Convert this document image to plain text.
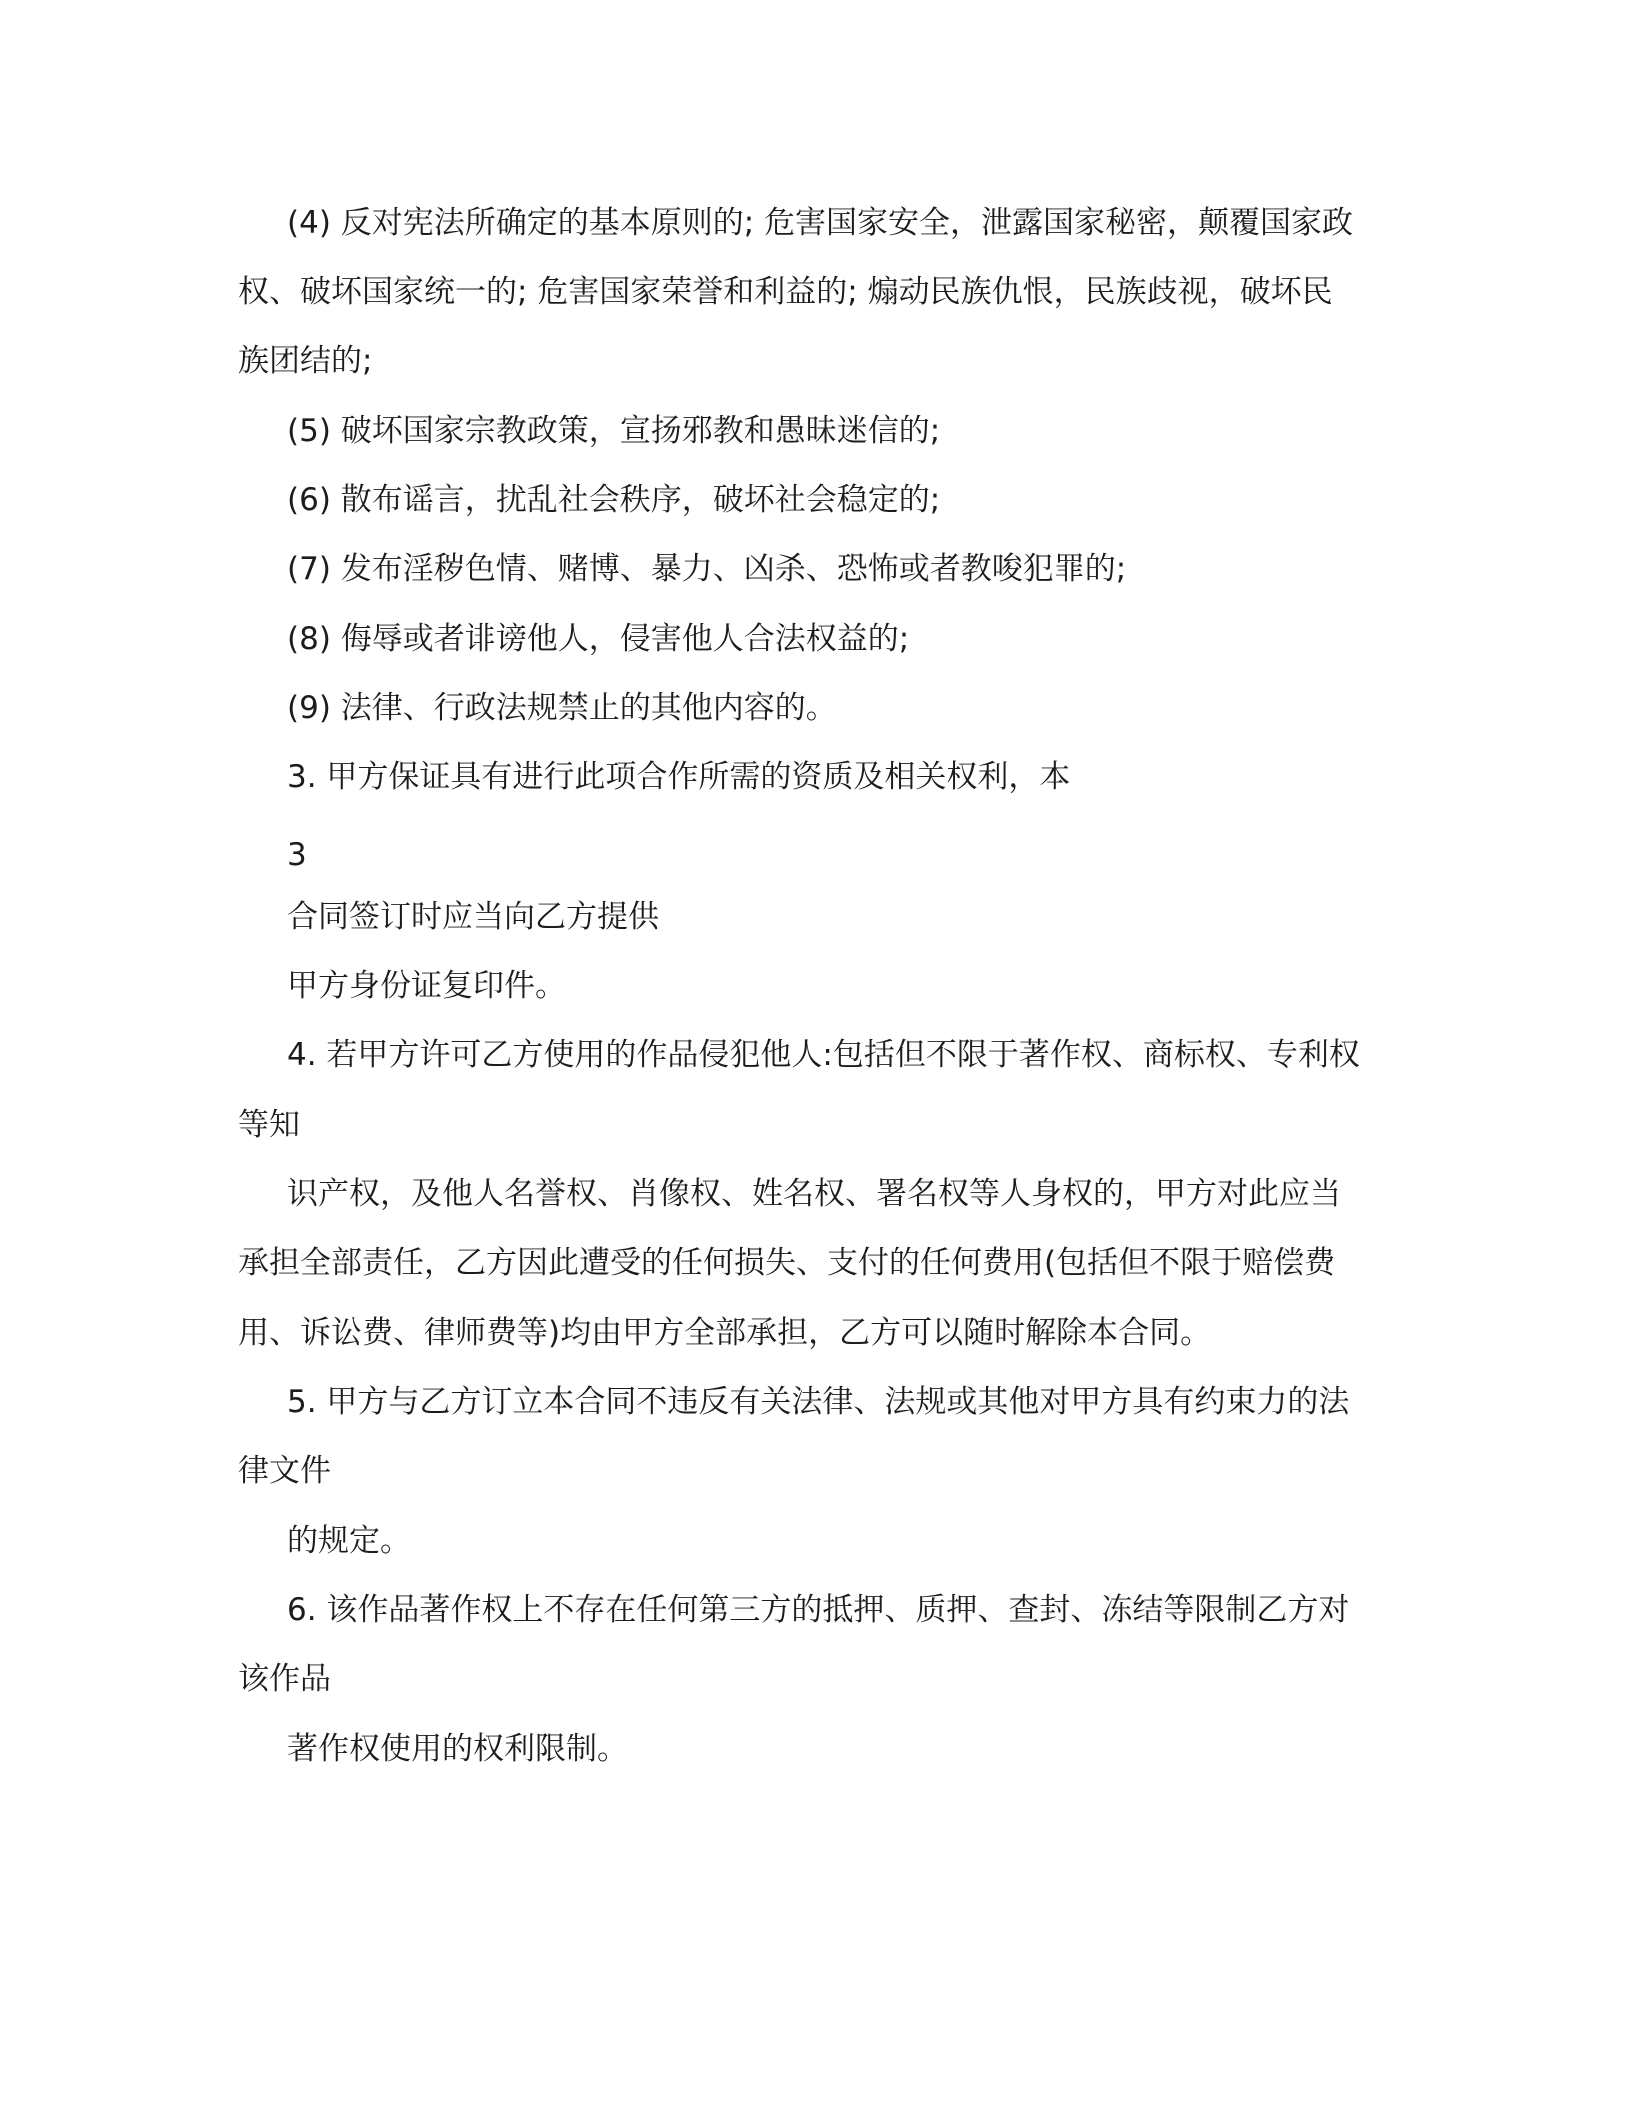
(4) 反对宪法所确定的基本原则的; 危害国家安全，泄露国家秘密，颠覆国家政
权、破坏国家统一的; 危害国家荣誉和利益的; 煽动民族仇恨，民族歧视，破坏民
族团结的;
(5) 破坏国家宗教政策，宣扬邪教和愚昧迷信的;
(6) 散布谣言，扰乱社会秩序，破坏社会稳定的;
(7) 发布淫秽色情、赌博、暴力、凶杀、恐怖或者教唆犯罪的;
(8) 侮辱或者诽谤他人，侵害他人合法权益的;
(9) 法律、行政法规禁止的其他内容的。
3. 甲方保证具有进行此项合作所需的资质及相关权利，本
3
合同签订时应当向乙方提供
甲方身份证复印件。
4. 若甲方许可乙方使用的作品侵犯他人:包括但不限于著作权、商标权、专利权
等知
识产权，及他人名誉权、肖像权、姓名权、署名权等人身权的，甲方对此应当
承担全部责任，乙方因此遭受的任何损失、支付的任何费用(包括但不限于赔偿费
用、诉讼费、律师费等)均由甲方全部承担，乙方可以随时解除本合同。
5. 甲方与乙方订立本合同不违反有关法律、法规或其他对甲方具有约束力的法
律文件
的规定。
6. 该作品著作权上不存在任何第三方的抵押、质押、查封、冻结等限制乙方对
该作品
著作权使用的权利限制。
